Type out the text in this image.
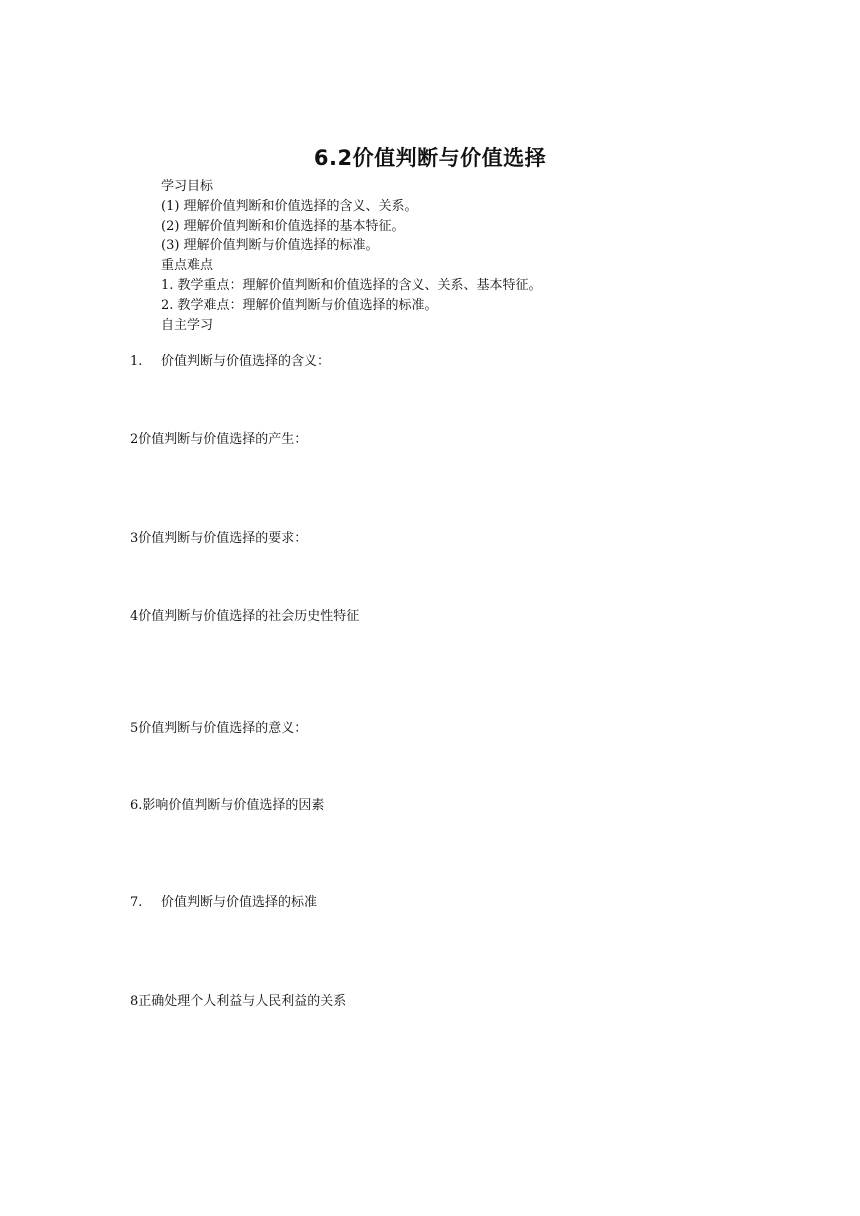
6.2价值判断与价值选择

学习目标

(1) 理解价值判断和价值选择的含义、关系。

(2) 理解价值判断和价值选择的基本特征。

(3) 理解价值判断与价值选择的标准。

重点难点

1. 教学重点：理解价值判断和价值选择的含义、关系、基本特征。

2. 教学难点：理解价值判断与价值选择的标准。

自主学习

1. 价值判断与价值选择的含义：

2价值判断与价值选择的产生：

3价值判断与价值选择的要求：

4价值判断与价值选择的社会历史性特征

5价值判断与价值选择的意义：

6.影响价值判断与价值选择的因素

7. 价值判断与价值选择的标准

8正确处理个人利益与人民利益的关系
